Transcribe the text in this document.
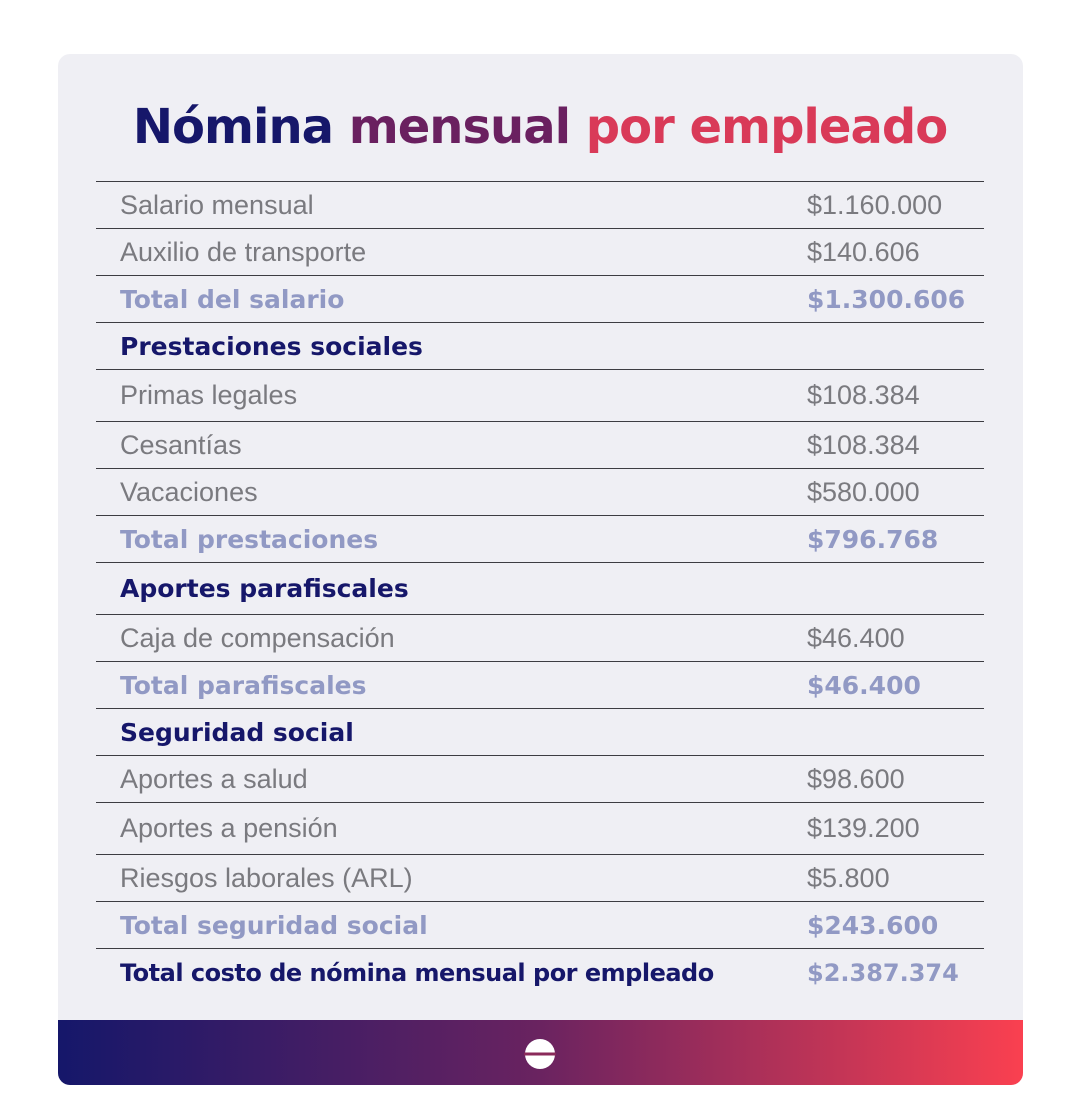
Nómina mensual por empleado
Salario mensual	$1.160.000
Auxilio de transporte	$140.606
Total del salario	$1.300.606
Prestaciones sociales
Primas legales	$108.384
Cesantías	$108.384
Vacaciones	$580.000
Total prestaciones	$796.768
Aportes parafiscales
Caja de compensación	$46.400
Total parafiscales	$46.400
Seguridad social
Aportes a salud	$98.600
Aportes a pensión	$139.200
Riesgos laborales (ARL)	$5.800
Total seguridad social	$243.600
Total costo de nómina mensual por empleado	$2.387.374
